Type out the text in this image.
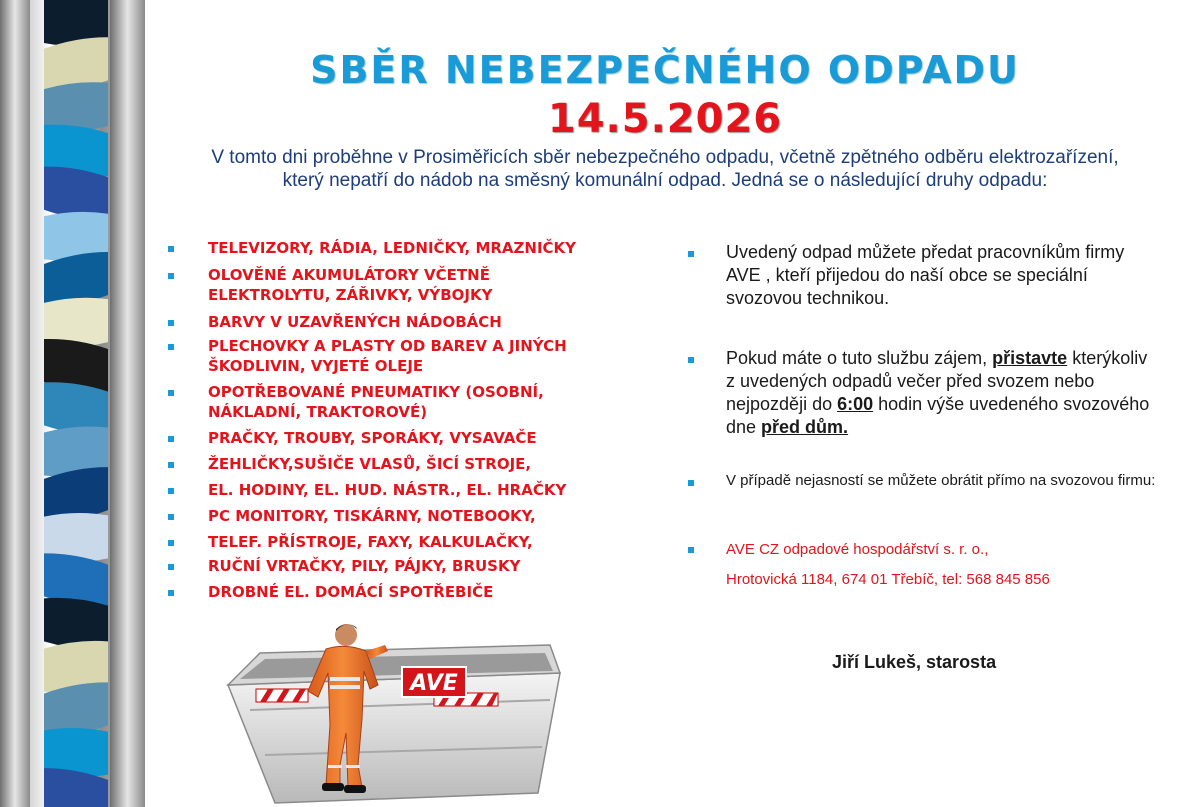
SBĚR NEBEZPEČNÉHO ODPADU
14.5.2026
V tomto dni proběhne v Prosiměřicích sběr nebezpečného odpadu, včetně zpětného odběru elektrozařízení,
který nepatří do nádob na směsný komunální odpad. Jedná se o následující druhy odpadu:
TELEVIZORY, RÁDIA, LEDNIČKY, MRAZNIČKY
OLOVĚNÉ AKUMULÁTORY VČETNĚ
ELEKTROLYTU, ZÁŘIVKY, VÝBOJKY
BARVY V UZAVŘENÝCH NÁDOBÁCH
PLECHOVKY A PLASTY OD BAREV A JINÝCH
ŠKODLIVIN, VYJETÉ OLEJE
OPOTŘEBOVANÉ PNEUMATIKY (OSOBNÍ,
NÁKLADNÍ, TRAKTOROVÉ)
PRAČKY, TROUBY, SPORÁKY, VYSAVAČE
ŽEHLIČKY,SUŠIČE VLASŮ, ŠICÍ STROJE,
EL. HODINY, EL. HUD. NÁSTR., EL. HRAČKY
PC MONITORY, TISKÁRNY, NOTEBOOKY,
TELEF. PŘÍSTROJE, FAXY, KALKULAČKY,
RUČNÍ VRTAČKY, PILY, PÁJKY, BRUSKY
DROBNÉ EL. DOMÁCÍ SPOTŘEBIČE
Uvedený odpad můžete předat pracovníkům firmy AVE , kteří přijedou do naší obce se speciální svozovou technikou.
Pokud máte o tuto službu zájem, přistavte kterýkoliv z uvedených odpadů večer před svozem nebo nejpozději do 6:00 hodin výše uvedeného svozového dne před dům.
V případě nejasností se můžete obrátit přímo na svozovou firmu:
AVE CZ odpadové hospodářství s. r. o.,
Hrotovická 1184, 674 01 Třebíč, tel: 568 845 856
Jiří Lukeš, starosta
AVE
